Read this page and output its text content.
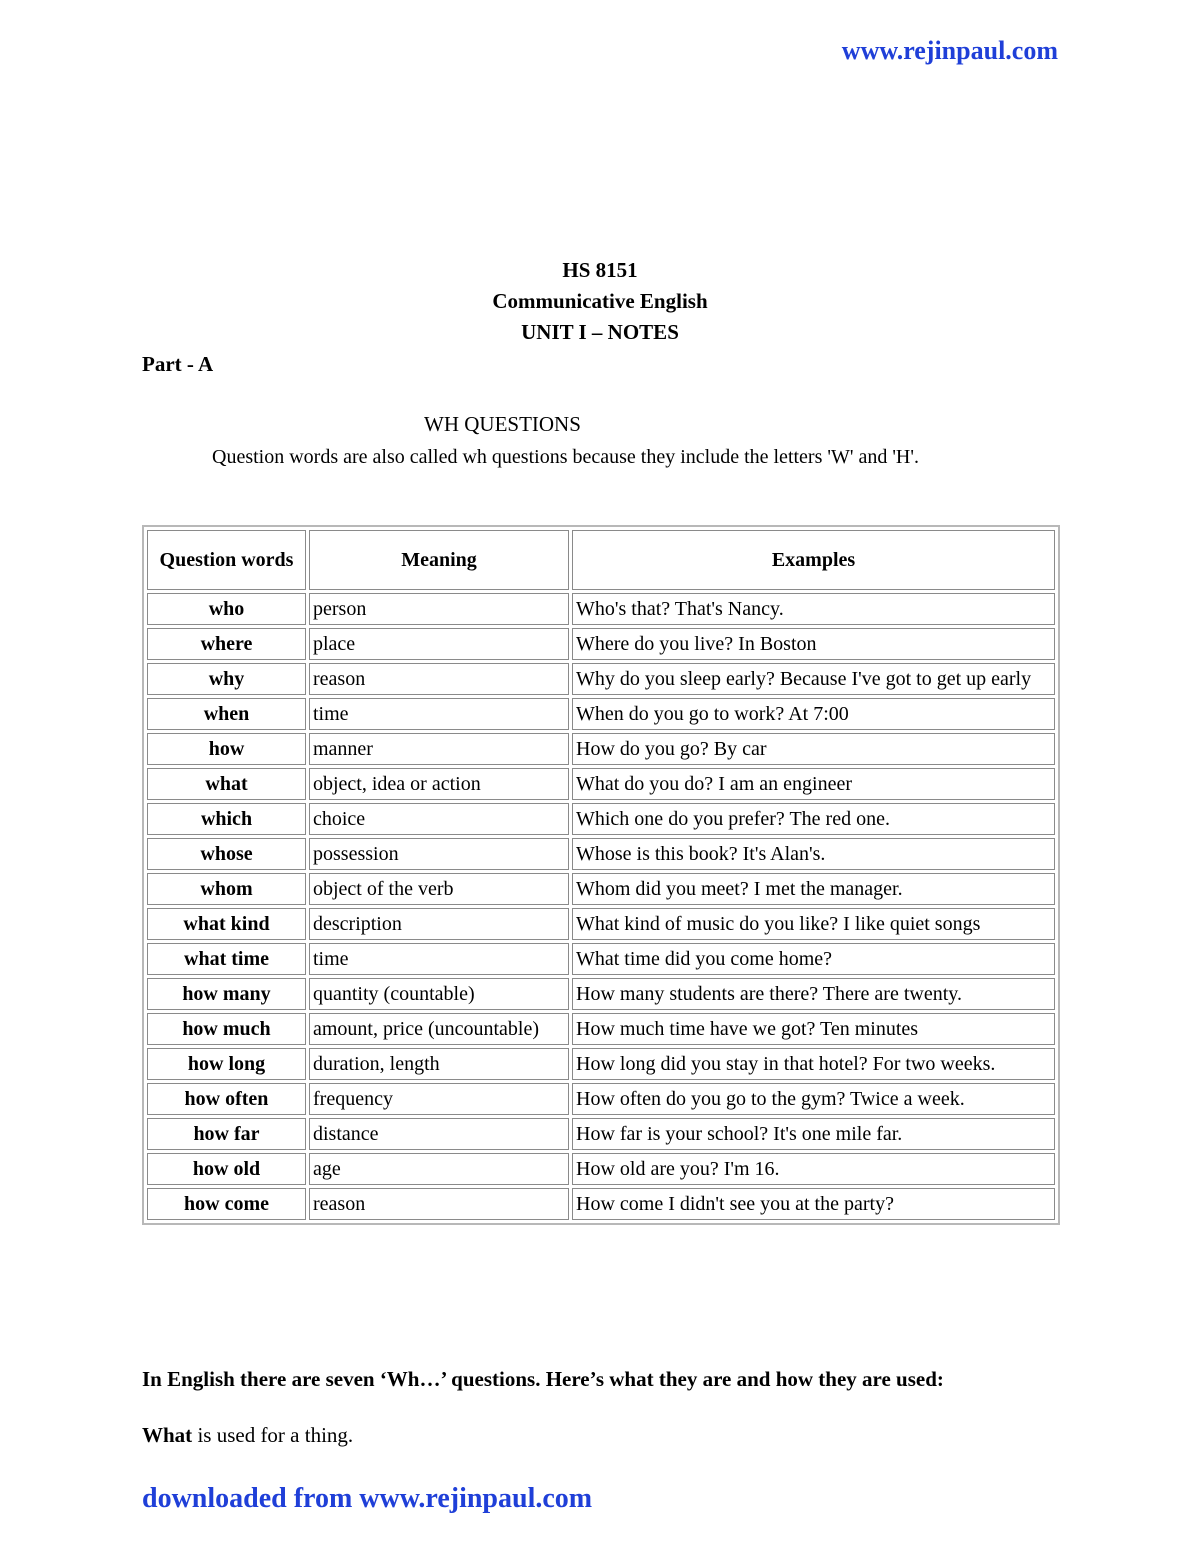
www.rejinpaul.com
HS 8151
Communicative English
UNIT I – NOTES
Part - A
WH QUESTIONS
Question words are also called wh questions because they include the letters 'W' and 'H'.
Question words	Meaning	Examples
who	person	Who's that? That's Nancy.
where	place	Where do you live? In Boston
why	reason	Why do you sleep early? Because I've got to get up early
when	time	When do you go to work? At 7:00
how	manner	How do you go? By car
what	object, idea or action	What do you do? I am an engineer
which	choice	Which one do you prefer? The red one.
whose	possession	Whose is this book? It's Alan's.
whom	object of the verb	Whom did you meet? I met the manager.
what kind	description	What kind of music do you like? I like quiet songs
what time	time	What time did you come home?
how many	quantity (countable)	How many students are there? There are twenty.
how much	amount, price (uncountable)	How much time have we got? Ten minutes
how long	duration, length	How long did you stay in that hotel? For two weeks.
how often	frequency	How often do you go to the gym? Twice a week.
how far	distance	How far is your school? It's one mile far.
how old	age	How old are you? I'm 16.
how come	reason	How come I didn't see you at the party?
In English there are seven ‘Wh…’ questions. Here’s what they are and how they are used:
What is used for a thing.
downloaded from www.rejinpaul.com
